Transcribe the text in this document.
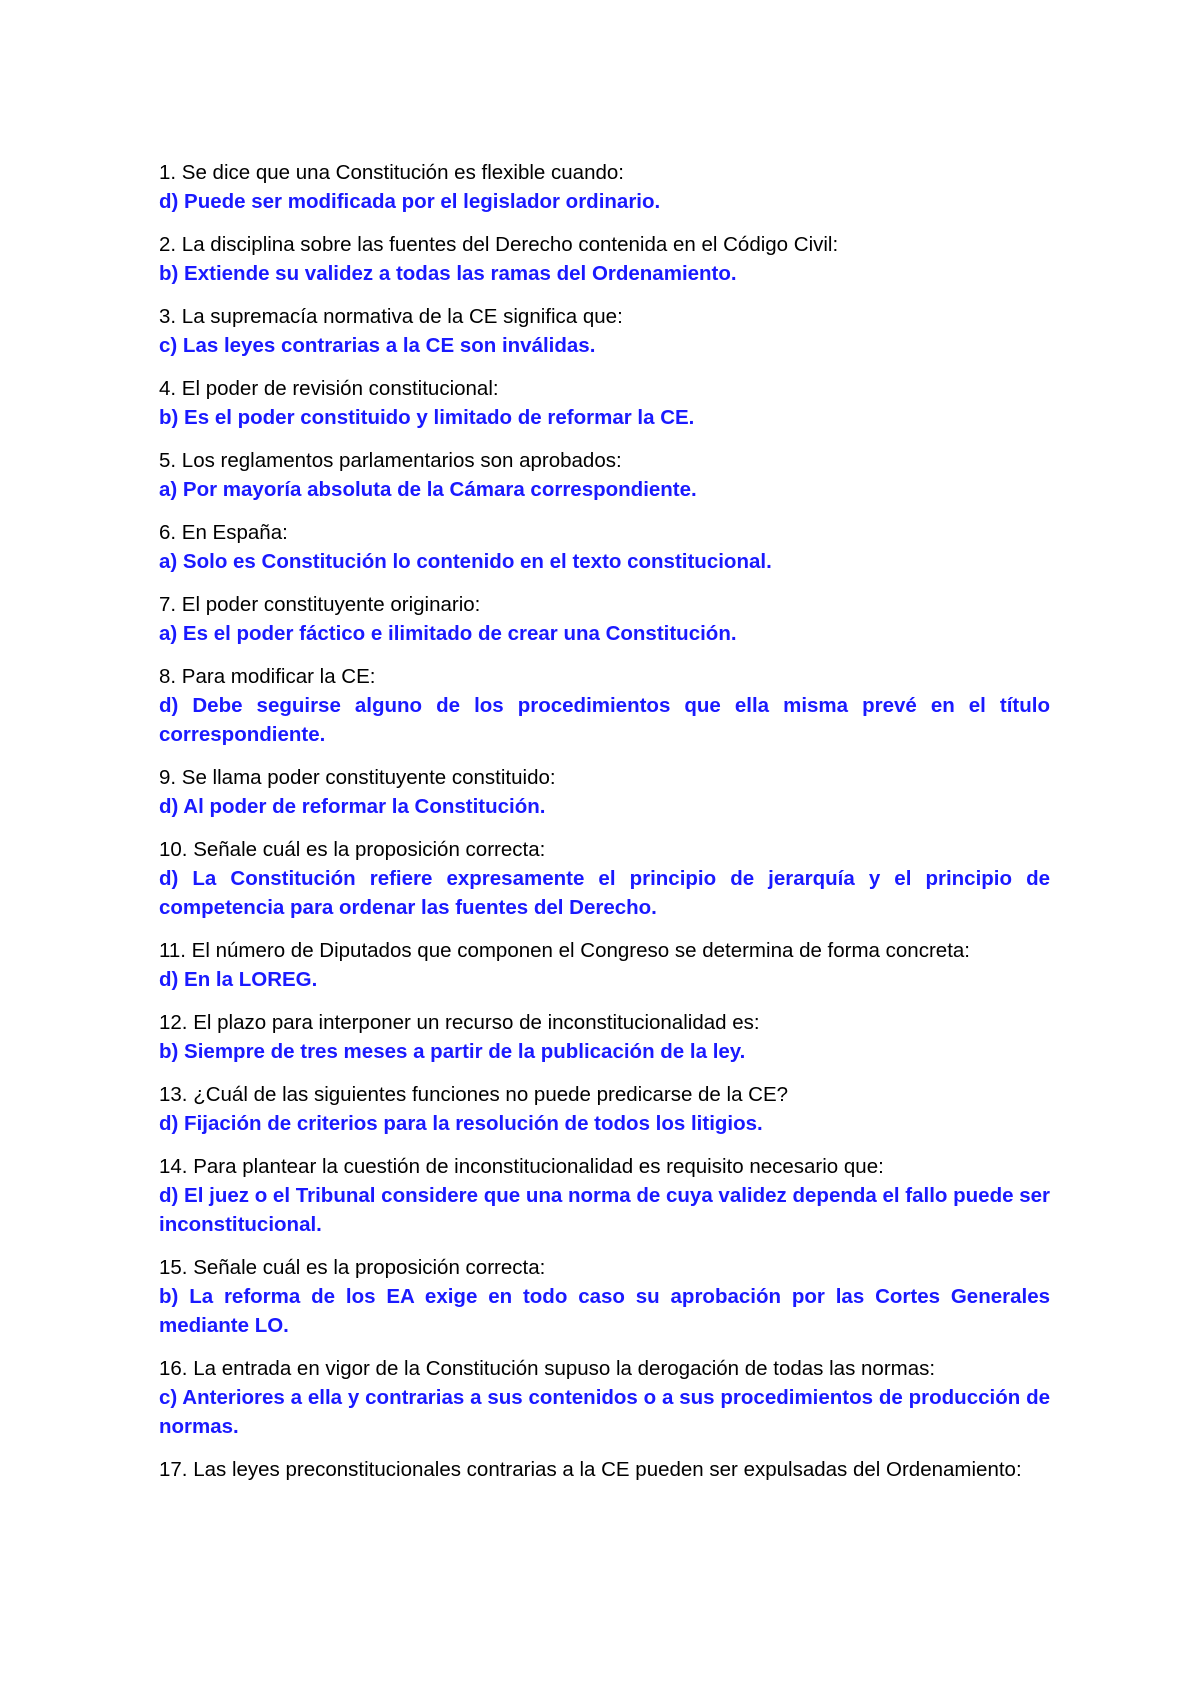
1. Se dice que una Constitución es flexible cuando:
d) Puede ser modificada por el legislador ordinario.
2. La disciplina sobre las fuentes del Derecho contenida en el Código Civil:
b) Extiende su validez a todas las ramas del Ordenamiento.
3. La supremacía normativa de la CE significa que:
c) Las leyes contrarias a la CE son inválidas.
4. El poder de revisión constitucional:
b) Es el poder constituido y limitado de reformar la CE.
5. Los reglamentos parlamentarios son aprobados:
a) Por mayoría absoluta de la Cámara correspondiente.
6. En España:
a) Solo es Constitución lo contenido en el texto constitucional.
7. El poder constituyente originario:
a) Es el poder fáctico e ilimitado de crear una Constitución.
8. Para modificar la CE:
d) Debe seguirse alguno de los procedimientos que ella misma prevé en el título correspondiente.
9. Se llama poder constituyente constituido:
d) Al poder de reformar la Constitución.
10. Señale cuál es la proposición correcta:
d) La Constitución refiere expresamente el principio de jerarquía y el principio de competencia para ordenar las fuentes del Derecho.
11. El número de Diputados que componen el Congreso se determina de forma concreta:
d) En la LOREG.
12. El plazo para interponer un recurso de inconstitucionalidad es:
b) Siempre de tres meses a partir de la publicación de la ley.
13. ¿Cuál de las siguientes funciones no puede predicarse de la CE?
d) Fijación de criterios para la resolución de todos los litigios.
14. Para plantear la cuestión de inconstitucionalidad es requisito necesario que:
d) El juez o el Tribunal considere que una norma de cuya validez dependa el fallo puede ser inconstitucional.
15. Señale cuál es la proposición correcta:
b) La reforma de los EA exige en todo caso su aprobación por las Cortes Generales mediante LO.
16. La entrada en vigor de la Constitución supuso la derogación de todas las normas:
c) Anteriores a ella y contrarias a sus contenidos o a sus procedimientos de producción de normas.
17. Las leyes preconstitucionales contrarias a la CE pueden ser expulsadas del Ordenamiento:
